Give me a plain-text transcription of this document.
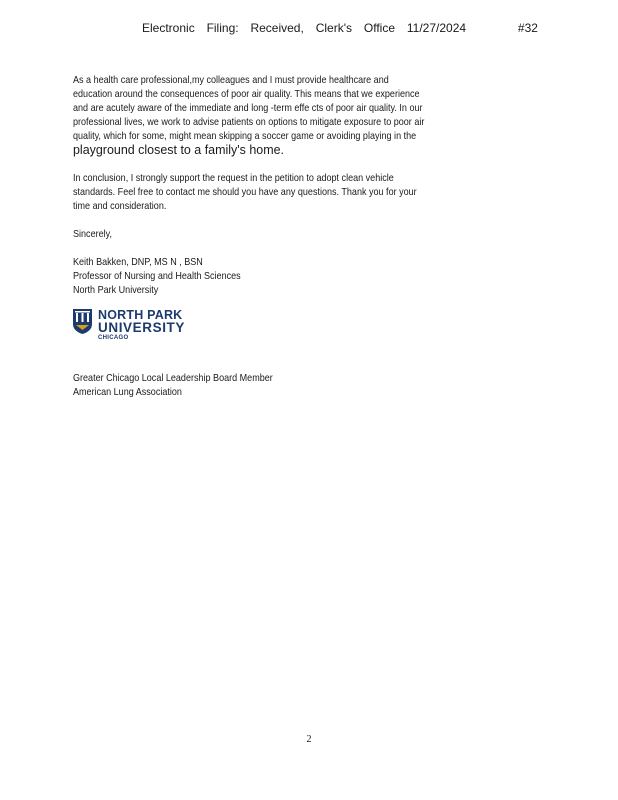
Electronic Filing: Received, Clerk's Office 11/27/2024	#32
As a health care professional,my colleagues and I must provide healthcare and
education around the consequences of poor air quality. This means that we experience
and are acutely aware of the immediate and long -term effe cts of poor air quality. In our
professional lives, we work to advise patients on options to mitigate exposure to poor air
quality, which for some, might mean skipping a soccer game or avoiding playing in the
playground closest to a family's home.
In conclusion, I strongly support the request in the petition to adopt clean vehicle
standards. Feel free to contact me should you have any questions. Thank you for your
time and consideration.
Sincerely,
Keith Bakken, DNP, MS N , BSN
Professor of Nursing and Health Sciences
North Park University
NORTH PARK
UNIVERSITY
CHICAGO
Greater Chicago Local Leadership Board Member
American Lung Association
2
